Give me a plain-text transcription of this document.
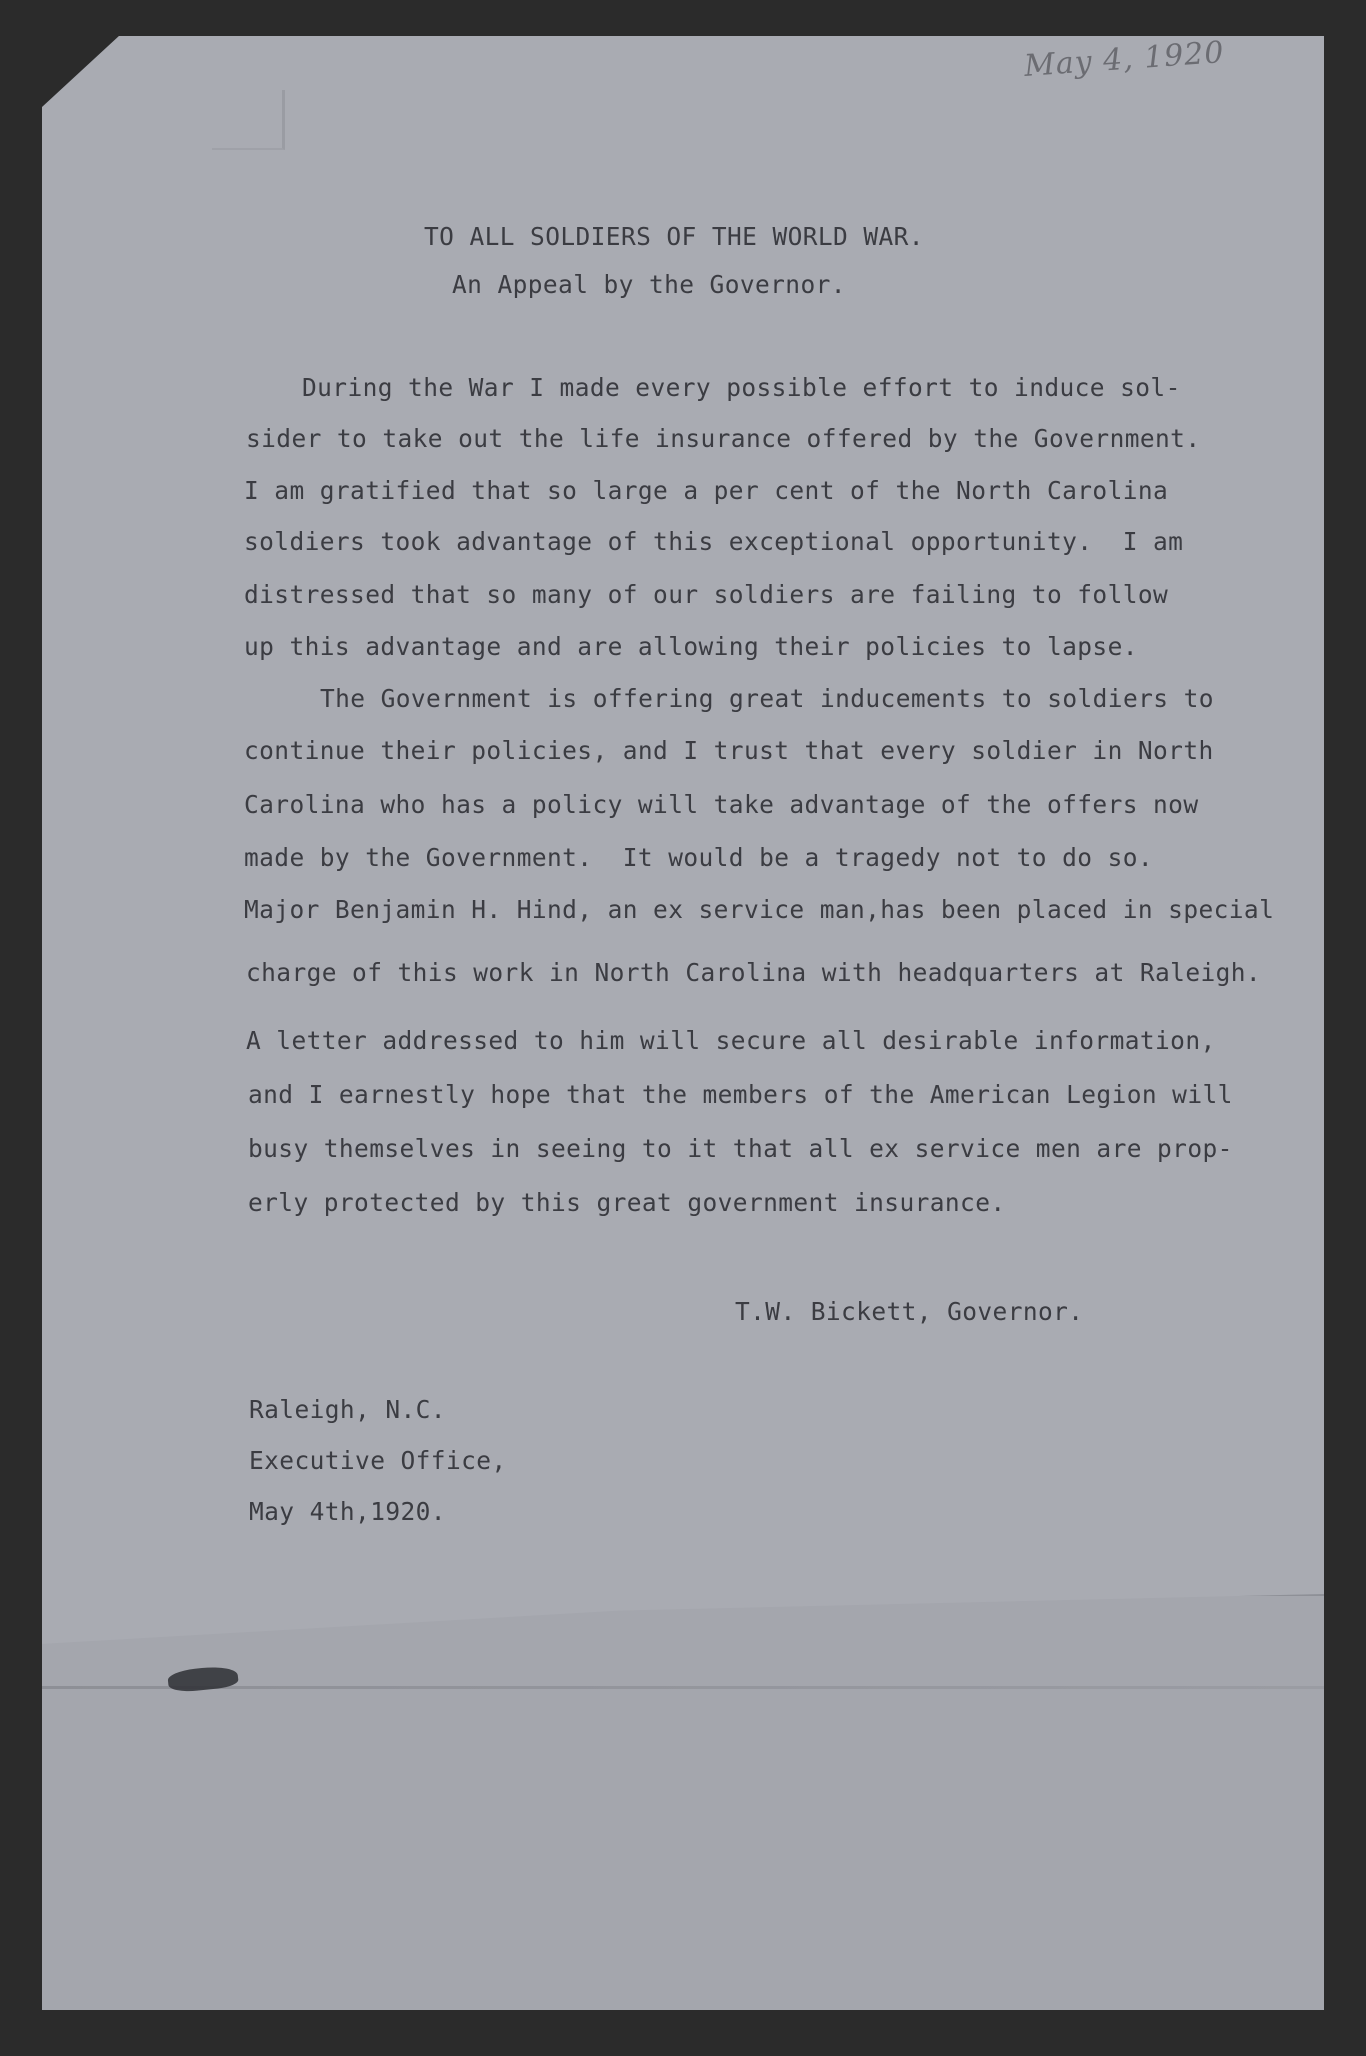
May 4, 1920
TO ALL SOLDIERS OF THE WORLD WAR.
An Appeal by the Governor.
During the War I made every possible effort to induce sol-
sider to take out the life insurance offered by the Government.
I am gratified that so large a per cent of the North Carolina
soldiers took advantage of this exceptional opportunity.  I am
distressed that so many of our soldiers are failing to follow
up this advantage and are allowing their policies to lapse.
The Government is offering great inducements to soldiers to
continue their policies, and I trust that every soldier in North
Carolina who has a policy will take advantage of the offers now
made by the Government.  It would be a tragedy not to do so.
Major Benjamin H. Hind, an ex service man,has been placed in special
charge of this work in North Carolina with headquarters at Raleigh.
A letter addressed to him will secure all desirable information,
and I earnestly hope that the members of the American Legion will
busy themselves in seeing to it that all ex service men are prop-
erly protected by this great government insurance.
T.W. Bickett, Governor.
Raleigh, N.C.
Executive Office,
May 4th,1920.
